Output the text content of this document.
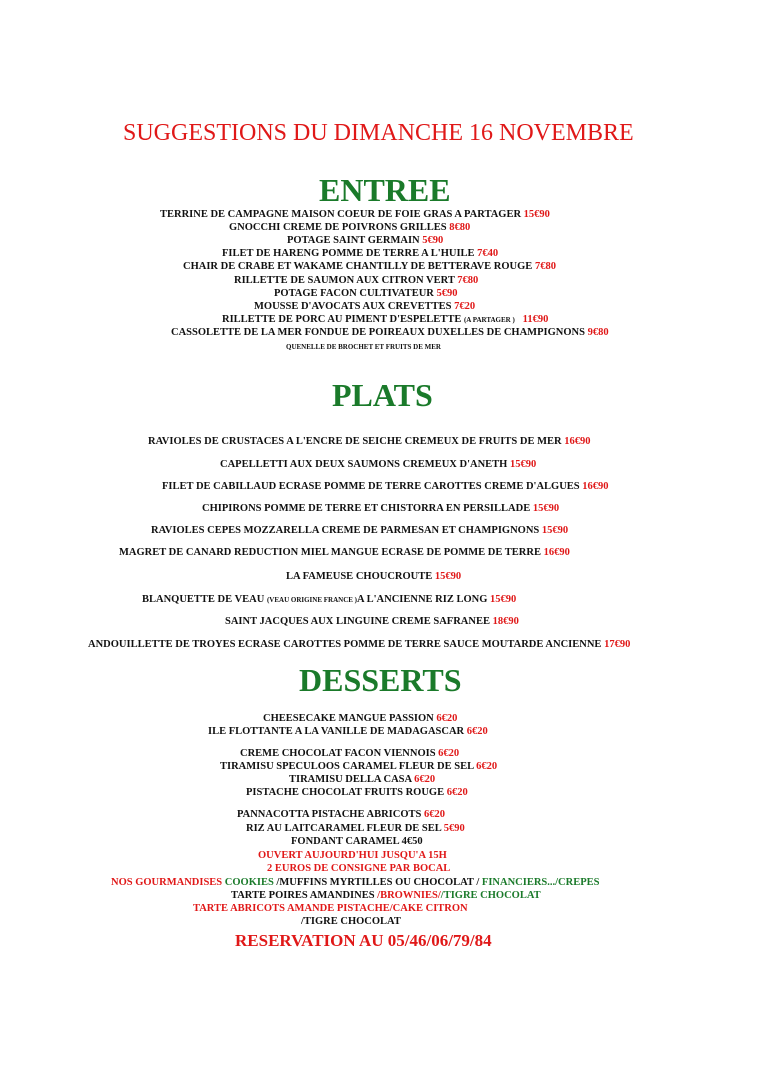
SUGGESTIONS DU DIMANCHE 16 NOVEMBRE
ENTREE
TERRINE DE CAMPAGNE MAISON COEUR DE FOIE GRAS A PARTAGER 15€90
GNOCCHI CREME DE POIVRONS GRILLES 8€80
POTAGE SAINT GERMAIN 5€90
FILET DE HARENG POMME DE TERRE A L'HUILE 7€40
CHAIR DE CRABE ET WAKAME CHANTILLY DE BETTERAVE ROUGE 7€80
RILLETTE DE SAUMON AUX CITRON VERT 7€80
POTAGE FACON CULTIVATEUR 5€90
MOUSSE D'AVOCATS AUX CREVETTES 7€20
RILLETTE DE PORC AU PIMENT D'ESPELETTE (A PARTAGER ) 11€90
CASSOLETTE DE LA MER FONDUE DE POIREAUX DUXELLES DE CHAMPIGNONS 9€80
QUENELLE DE BROCHET ET FRUITS DE MER
PLATS
RAVIOLES DE CRUSTACES A L'ENCRE DE SEICHE CREMEUX DE FRUITS DE MER 16€90
CAPELLETTI AUX DEUX SAUMONS CREMEUX D'ANETH 15€90
FILET DE CABILLAUD ECRASE POMME DE TERRE CAROTTES CREME D'ALGUES 16€90
CHIPIRONS POMME DE TERRE ET CHISTORRA EN PERSILLADE 15€90
RAVIOLES CEPES MOZZARELLA CREME DE PARMESAN ET CHAMPIGNONS 15€90
MAGRET DE CANARD REDUCTION MIEL MANGUE ECRASE DE POMME DE TERRE 16€90
LA FAMEUSE CHOUCROUTE 15€90
BLANQUETTE DE VEAU (VEAU ORIGINE FRANCE )A L'ANCIENNE RIZ LONG 15€90
SAINT JACQUES AUX LINGUINE CREME SAFRANEE 18€90
ANDOUILLETTE DE TROYES ECRASE CAROTTES POMME DE TERRE SAUCE MOUTARDE ANCIENNE 17€90
DESSERTS
CHEESECAKE MANGUE PASSION 6€20
ILE FLOTTANTE A LA VANILLE DE MADAGASCAR 6€20
CREME CHOCOLAT FACON VIENNOIS 6€20
TIRAMISU SPECULOOS CARAMEL FLEUR DE SEL 6€20
TIRAMISU DELLA CASA 6€20
PISTACHE CHOCOLAT FRUITS ROUGE 6€20
PANNACOTTA PISTACHE ABRICOTS 6€20
RIZ AU LAITCARAMEL FLEUR DE SEL 5€90
FONDANT CARAMEL 4€50
OUVERT AUJOURD'HUI JUSQU'A 15H
2 EUROS DE CONSIGNE PAR BOCAL
NOS GOURMANDISES COOKIES /MUFFINS MYRTILLES OU CHOCOLAT / FINANCIERS.../CREPES
TARTE POIRES AMANDINES /BROWNIES//TIGRE CHOCOLAT
TARTE ABRICOTS AMANDE PISTACHE/CAKE CITRON
/TIGRE CHOCOLAT
RESERVATION AU 05/46/06/79/84
